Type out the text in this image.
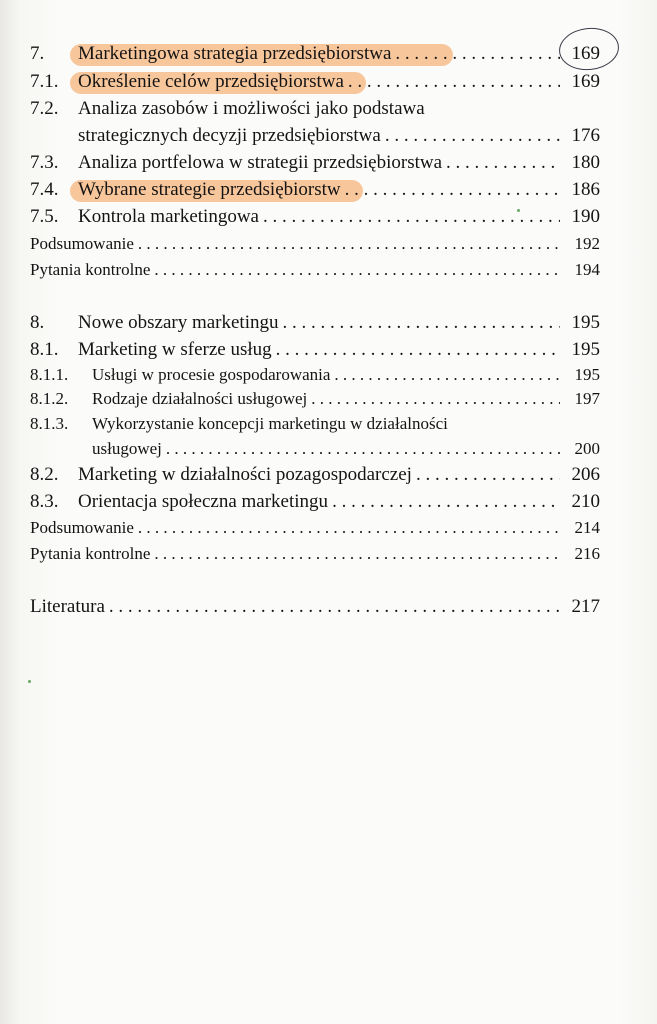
7. Marketingowa strategia przedsiębiorstwa . . .	169
7.1. Określenie celów przedsiębiorstwa . . .	169
7.2. Analiza zasobów i możliwości jako podstawa
strategicznych decyzji przedsiębiorstwa . . .	176
7.3. Analiza portfelowa w strategii przedsiębiorstwa . . .	180
7.4. Wybrane strategie przedsiębiorstw . . .	186
7.5. Kontrola marketingowa . . .	190
Podsumowanie . . .	192
Pytania kontrolne . . .	194
8. Nowe obszary marketingu . . .	195
8.1. Marketing w sferze usług . . .	195
8.1.1. Usługi w procesie gospodarowania . . .	195
8.1.2. Rodzaje działalności usługowej . . .	197
8.1.3. Wykorzystanie koncepcji marketingu w działalności
usługowej . . .	200
8.2. Marketing w działalności pozagospodarczej . . .	206
8.3. Orientacja społeczna marketingu . . .	210
Podsumowanie . . .	214
Pytania kontrolne . . .	216
Literatura . . .	217
